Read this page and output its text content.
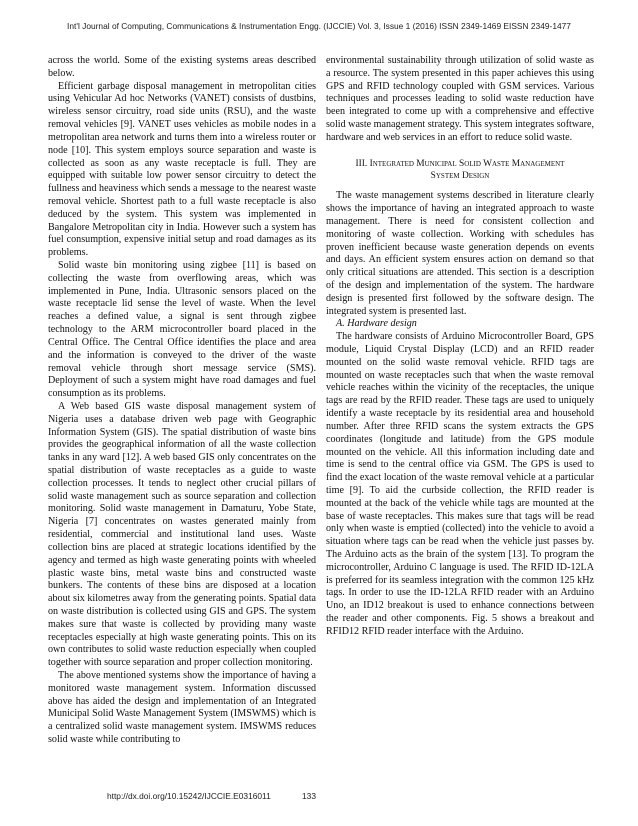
Int'l Journal of Computing, Communications & Instrumentation Engg. (IJCCIE) Vol. 3, Issue 1 (2016) ISSN 2349-1469 EISSN 2349-1477

across the world. Some of the existing systems areas described below.

Efficient garbage disposal management in metropolitan cities using Vehicular Ad hoc Networks (VANET) consists of dustbins, wireless sensor circuitry, road side units (RSU), and the waste removal vehicles [9]. VANET uses vehicles as mobile nodes in a metropolitan area network and turns them into a wireless router or node [10]. This system employs source separation and waste is collected as soon as any waste receptacle is full. They are equipped with suitable low power sensor circuitry to detect the fullness and heaviness which sends a message to the nearest waste removal vehicle. Shortest path to a full waste receptacle is also deduced by the system. This system was implemented in Bangalore Metropolitan city in India. However such a system has fuel consumption, expensive initial setup and road damages as its problems.

Solid waste bin monitoring using zigbee [11] is based on collecting the waste from overflowing areas, which was implemented in Pune, India. Ultrasonic sensors placed on the waste receptacle lid sense the level of waste. When the level reaches a defined value, a signal is sent through zigbee technology to the ARM microcontroller board placed in the Central Office. The Central Office identifies the place and area and the information is conveyed to the driver of the waste removal vehicle through short message service (SMS). Deployment of such a system might have road damages and fuel consumption as its problems.

A Web based GIS waste disposal management system of Nigeria uses a database driven web page with Geographic Information System (GIS). The spatial distribution of waste bins provides the geographical information of all the waste collection tanks in any ward [12]. A web based GIS only concentrates on the spatial distribution of waste receptacles as a guide to waste collection processes. It tends to neglect other crucial pillars of solid waste management such as source separation and collection monitoring. Solid waste management in Damaturu, Yobe State, Nigeria [7] concentrates on wastes generated mainly from residential, commercial and institutional land uses. Waste collection bins are placed at strategic locations identified by the agency and termed as high waste generating points with wheeled plastic waste bins, metal waste bins and constructed waste bunkers. The contents of these bins are disposed at a location about six kilometres away from the generating points. Spatial data on waste distribution is collected using GIS and GPS. The system makes sure that waste is collected by providing many waste receptacles especially at high waste generating points. This on its own contributes to solid waste reduction especially when coupled together with source separation and proper collection monitoring.

The above mentioned systems show the importance of having a monitored waste management system. Information discussed above has aided the design and implementation of an Integrated Municipal Solid Waste Management System (IMSWMS) which is a centralized solid waste management system. IMSWMS reduces solid waste while contributing to

environmental sustainability through utilization of solid waste as a resource. The system presented in this paper achieves this using GPS and RFID technology coupled with GSM services. Various techniques and processes leading to solid waste reduction have been integrated to come up with a comprehensive and effective solid waste management strategy. This system integrates software, hardware and web services in an effort to reduce solid waste.

III. Integrated Municipal Solid Waste Management
System Design

The waste management systems described in literature clearly shows the importance of having an integrated approach to waste management. There is need for consistent collection and monitoring of waste collection. Working with schedules has proven inefficient because waste generation depends on events and days. An efficient system ensures action on demand so that only critical situations are attended. This section is a description of the design and implementation of the system. The hardware design is presented first followed by the software design. The integrated system is presented last.

A. Hardware design

The hardware consists of Arduino Microcontroller Board, GPS module, Liquid Crystal Display (LCD) and an RFID reader mounted on the solid waste removal vehicle. RFID tags are mounted on waste receptacles such that when the waste removal vehicle reaches within the vicinity of the receptacles, the unique tags are read by the RFID reader. These tags are used to uniquely identify a waste receptacle by its residential area and household number. After three RFID scans the system extracts the GPS coordinates (longitude and latitude) from the GPS module mounted on the vehicle. All this information including date and time is send to the central office via GSM. The GPS is used to find the exact location of the waste removal vehicle at a particular time [9]. To aid the curbside collection, the RFID reader is mounted at the back of the vehicle while tags are mounted at the base of waste receptacles. This makes sure that tags will be read only when waste is emptied (collected) into the vehicle to avoid a situation where tags can be read when the vehicle just passes by. The Arduino acts as the brain of the system [13]. To program the microcontroller, Arduino C language is used. The RFID ID-12LA is preferred for its seamless integration with the common 125 kHz tags. In order to use the ID-12LA RFID reader with an Arduino Uno, an ID12 breakout is used to enhance connections between the reader and other components. Fig. 5 shows a breakout and RFID12 RFID reader interface with the Arduino.

http://dx.doi.org/10.15242/IJCCIE.E0316011	133
